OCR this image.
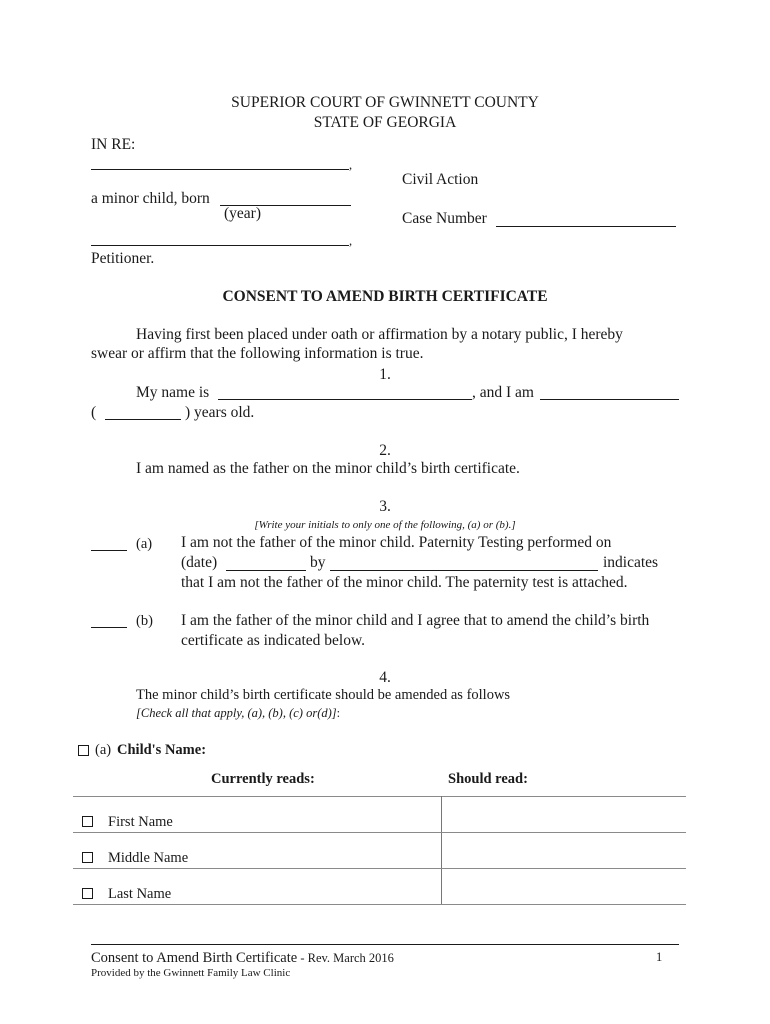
SUPERIOR COURT OF GWINNETT COUNTY
STATE OF GEORGIA
IN RE:
,
a minor child, born
(year)
,
Petitioner.
Civil Action
Case Number
CONSENT TO AMEND BIRTH CERTIFICATE
Having first been placed under oath or affirmation by a notary public, I hereby
swear or affirm that the following information is true.
1.
My name is	, and I am
(	) years old.
2.
I am named as the father on the minor child’s birth certificate.
3.
[Write your initials to only one of the following, (a) or (b).]
(a) I am not the father of the minor child. Paternity Testing performed on
(date)	by	indicates
that I am not the father of the minor child. The paternity test is attached.
(b) I am the father of the minor child and I agree that to amend the child’s birth
certificate as indicated below.
4.
The minor child’s birth certificate should be amended as follows
[Check all that apply, (a), (b), (c) or(d)]:
(a) Child's Name:
Currently reads:	Should read:
First Name
Middle Name
Last Name
Consent to Amend Birth Certificate - Rev. March 2016	1
Provided by the Gwinnett Family Law Clinic
